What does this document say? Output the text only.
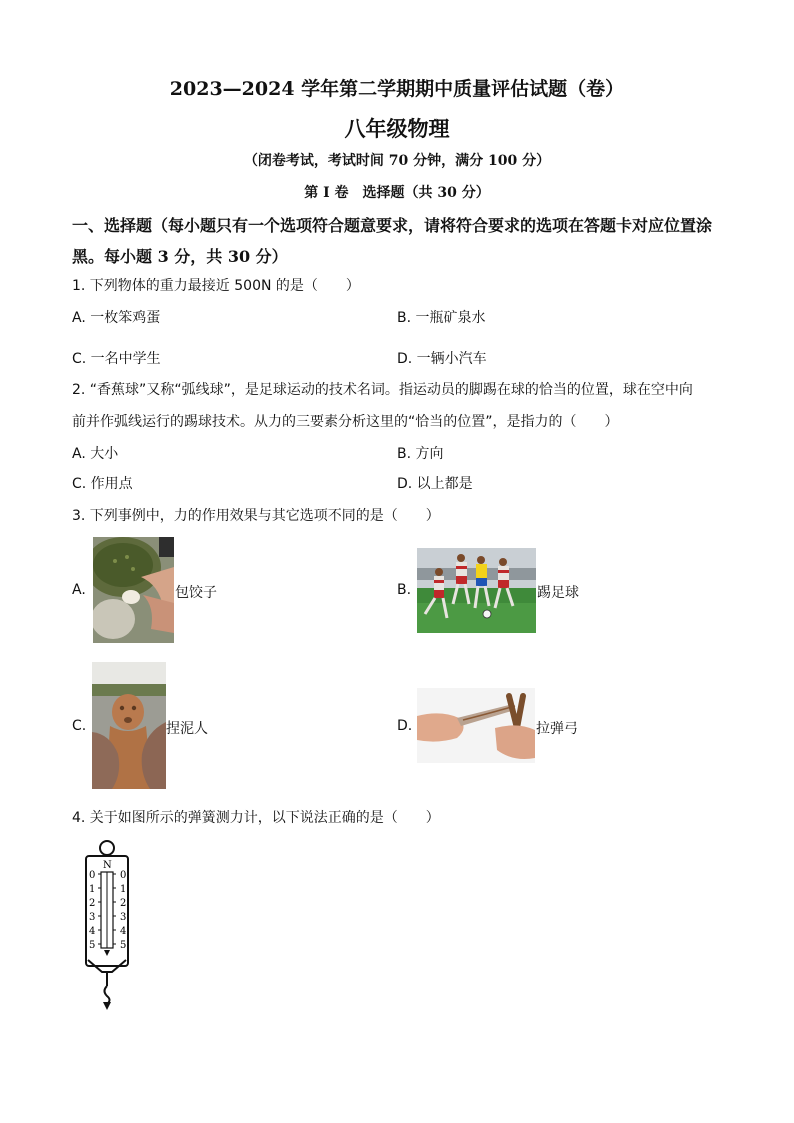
2023—2024 学年第二学期期中质量评估试题（卷）
八年级物理
（闭卷考试，考试时间 70 分钟，满分 100 分）
第 I 卷　选择题（共 30 分）
一、选择题（每小题只有一个选项符合题意要求，请将符合要求的选项在答题卡对应位置涂
黑。每小题 3 分，共 30 分）
1. 下列物体的重力最接近 500N 的是（　　）
A. 一枚笨鸡蛋	B. 一瓶矿泉水
C. 一名中学生	D. 一辆小汽车
2. “香蕉球”又称“弧线球”，是足球运动的技术名词。指运动员的脚踢在球的恰当的位置，球在空中向
前并作弧线运行的踢球技术。从力的三要素分析这里的“恰当的位置”，是指力的（　　）
A. 大小	B. 方向
C. 作用点	D. 以上都是
3. 下列事例中，力的作用效果与其它选项不同的是（　　）
A.	包饺子	B.	踢足球
C.	捏泥人	D.	拉弹弓
4. 关于如图所示的弹簧测力计，以下说法正确的是（　　）
N
0
1
2
3
4
5
0
1
2
3
4
5
